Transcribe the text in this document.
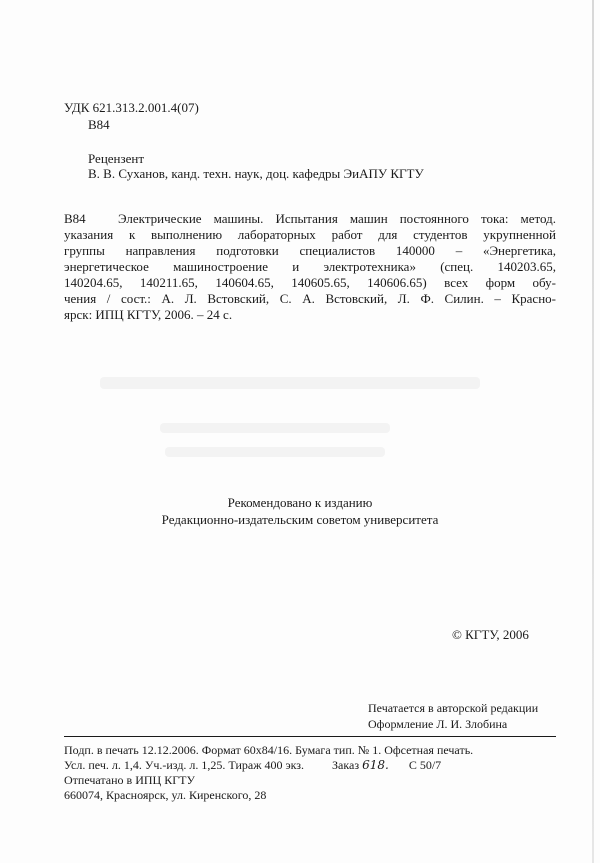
УДК 621.313.2.001.4(07)
B84
Рецензент
В. В. Суханов, канд. техн. наук, доц. кафедры ЭиАПУ КГТУ
B84 Электрические машины. Испытания машин постоянного тока: метод.
указания к выполнению лабораторных работ для студентов укрупненной
группы направления подготовки специалистов 140000 – «Энергетика,
энергетическое машиностроение и электротехника» (спец. 140203.65,
140204.65, 140211.65, 140604.65, 140605.65, 140606.65) всех форм обу-
чения / сост.: А. Л. Встовский, С. А. Встовский, Л. Ф. Силин. – Красно-
ярск: ИПЦ КГТУ, 2006. – 24 с.
Рекомендовано к изданию
Редакционно-издательским советом университета
© КГТУ, 2006
Печатается в авторской редакции
Оформление Л. И. Злобина
Подп. в печать 12.12.2006. Формат 60x84/16. Бумага тип. № 1. Офсетная печать.
Усл. печ. л. 1,4. Уч.-изд. л. 1,25. Тираж 400 экз. Заказ 618. С 50/7
Отпечатано в ИПЦ КГТУ
660074, Красноярск, ул. Киренского, 28
